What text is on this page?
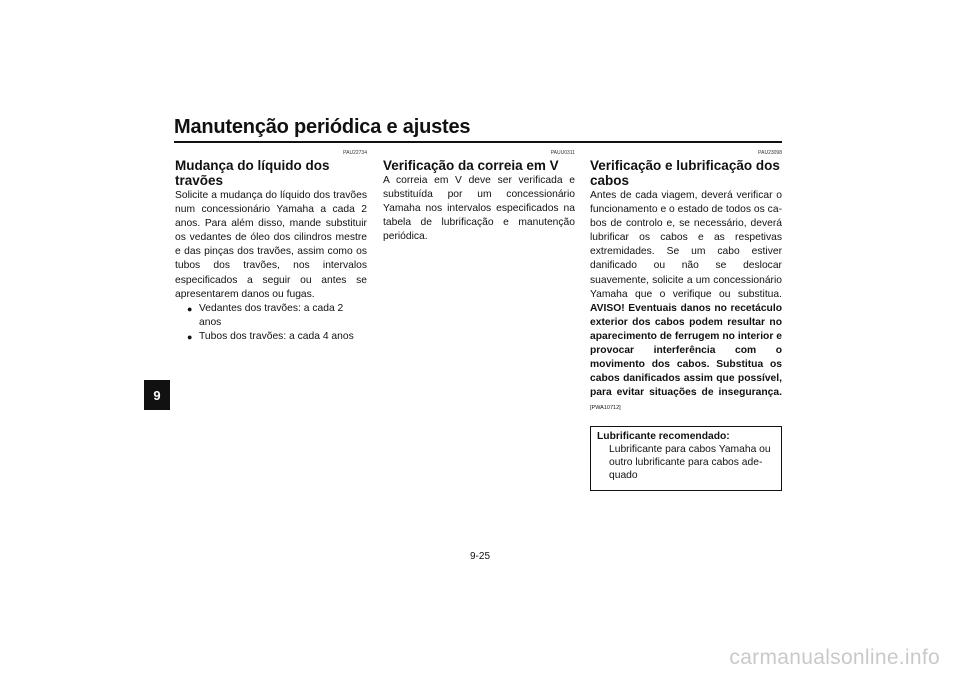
Manutenção periódica e ajustes
9
PAU22734
Mudança do líquido dos travões

Solicite a mudança do líquido dos travões num concessionário Yamaha a cada 2 anos. Para além disso, mande substituir os vedantes de óleo dos cilindros mestre e das pinças dos travões, assim como os tubos dos travões, nos intervalos especificados a seguir ou antes se apresentarem danos ou fugas.

● Vedantes dos travões: a cada 2 anos
● Tubos dos travões: a cada 4 anos
PAUU0311
Verificação da correia em V

A correia em V deve ser verificada e substituída por um concessionário Yamaha nos intervalos especificados na tabela de lubrificação e manutenção periódica.

PAU23098
Verificação e lubrificação dos cabos

Antes de cada viagem, deverá verificar o funcionamento e o estado de todos os cabos de controlo e, se necessário, deverá lubrificar os cabos e as respetivas extremidades. Se um cabo estiver danificado ou não se deslocar suavemente, solicite a um concessionário Yamaha que o verifique ou substitua. AVISO! Eventuais danos no recetáculo exterior dos cabos podem resultar no aparecimento de ferrugem no interior e provocar interferência com o movimento dos cabos. Substitua os cabos danificados assim que possível, para evitar situações de insegurança. [PWA10712]

Lubrificante recomendado:
Lubrificante para cabos Yamaha ou outro lubrificante para cabos adequado
9-25
carmanualsonline.info
